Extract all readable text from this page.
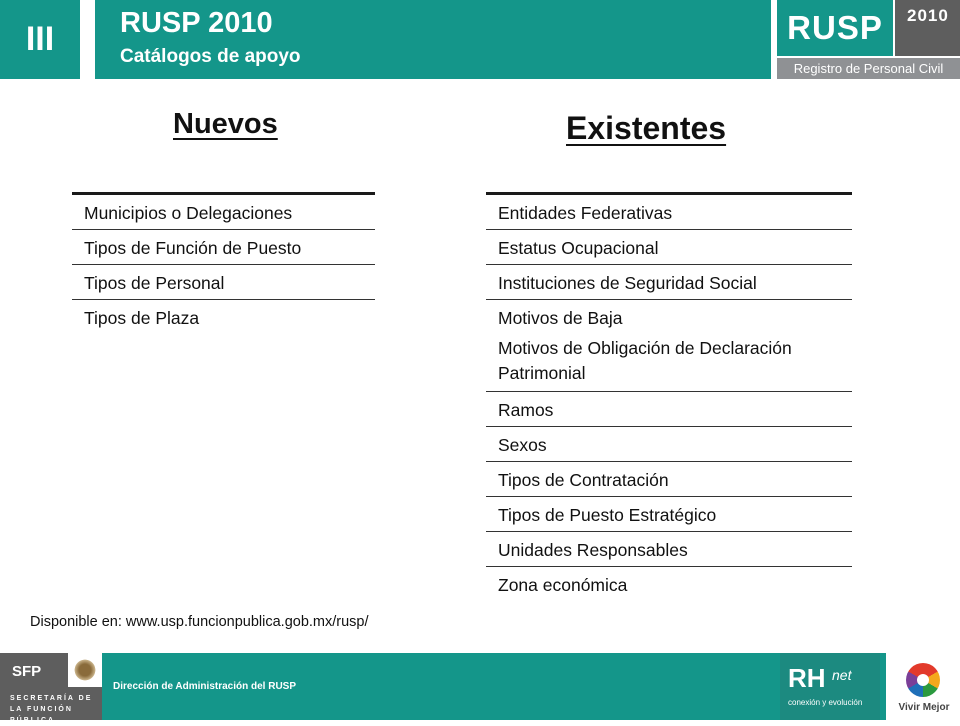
III	RUSP 2010
Catálogos de apoyo
RUSP	2010
Registro de Personal Civil
Nuevos	Existentes
Municipios o Delegaciones
Tipos de Función de Puesto
Tipos de Personal
Tipos de Plaza
Entidades Federativas
Estatus Ocupacional
Instituciones de Seguridad Social
Motivos de Baja
Motivos de Obligación de Declaración Patrimonial
Ramos
Sexos
Tipos de Contratación
Tipos de Puesto Estratégico
Unidades Responsables
Zona económica
Disponible en: www.usp.funcionpublica.gob.mx/rusp/
SFP
SECRETARÍA DE LA FUNCIÓN PÚBLICA
Dirección de Administración del RUSP	RH net
conexión y evolución	Vivir Mejor
